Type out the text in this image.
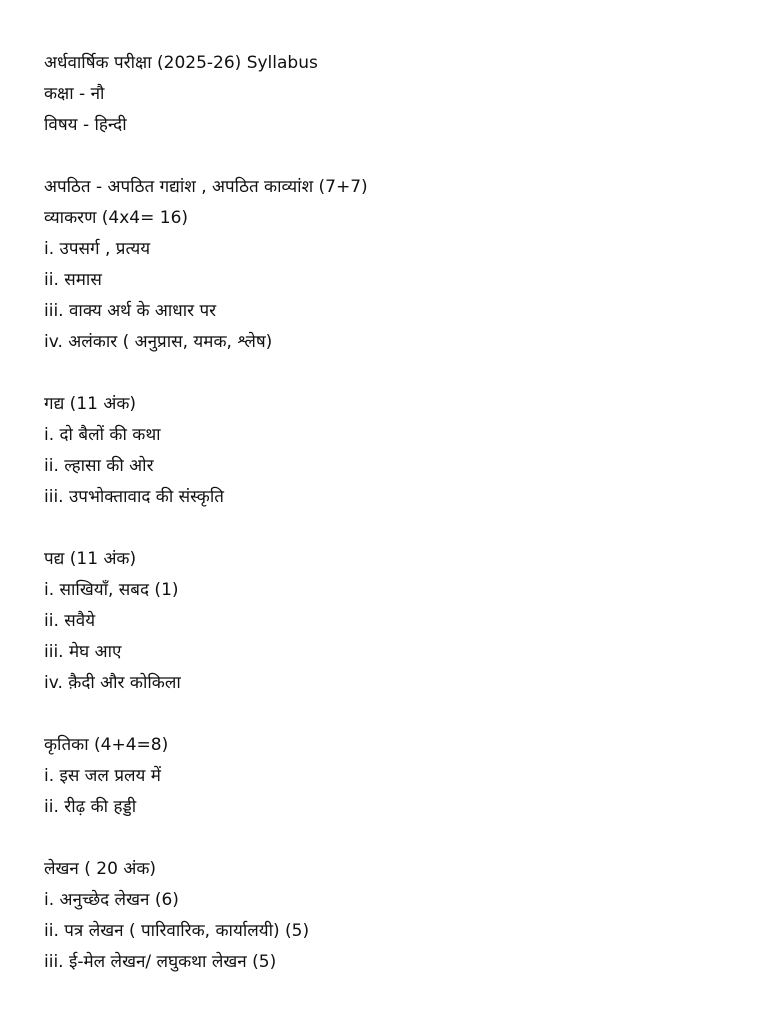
अर्धवार्षिक परीक्षा (2025-26) Syllabus
कक्षा - नौ
विषय - हिन्दी
अपठित - अपठित गद्यांश , अपठित काव्यांश (7+7)
व्याकरण (4x4= 16)
i. उपसर्ग , प्रत्यय
ii. समास
iii. वाक्य अर्थ के आधार पर
iv. अलंकार ( अनुप्रास, यमक, श्लेष)
गद्य (11 अंक)
i. दो बैलों की कथा
ii. ल्हासा की ओर
iii. उपभोक्तावाद की संस्कृति
पद्य (11 अंक)
i. साखियाँ, सबद (1)
ii. सवैये
iii. मेघ आए
iv. क़ैदी और कोकिला
कृतिका (4+4=8)
i. इस जल प्रलय में
ii. रीढ़ की हड्डी
लेखन ( 20 अंक)
i. अनुच्छेद लेखन (6)
ii. पत्र लेखन ( पारिवारिक, कार्यालयी) (5)
iii. ई-मेल लेखन/ लघुकथा लेखन (5)
